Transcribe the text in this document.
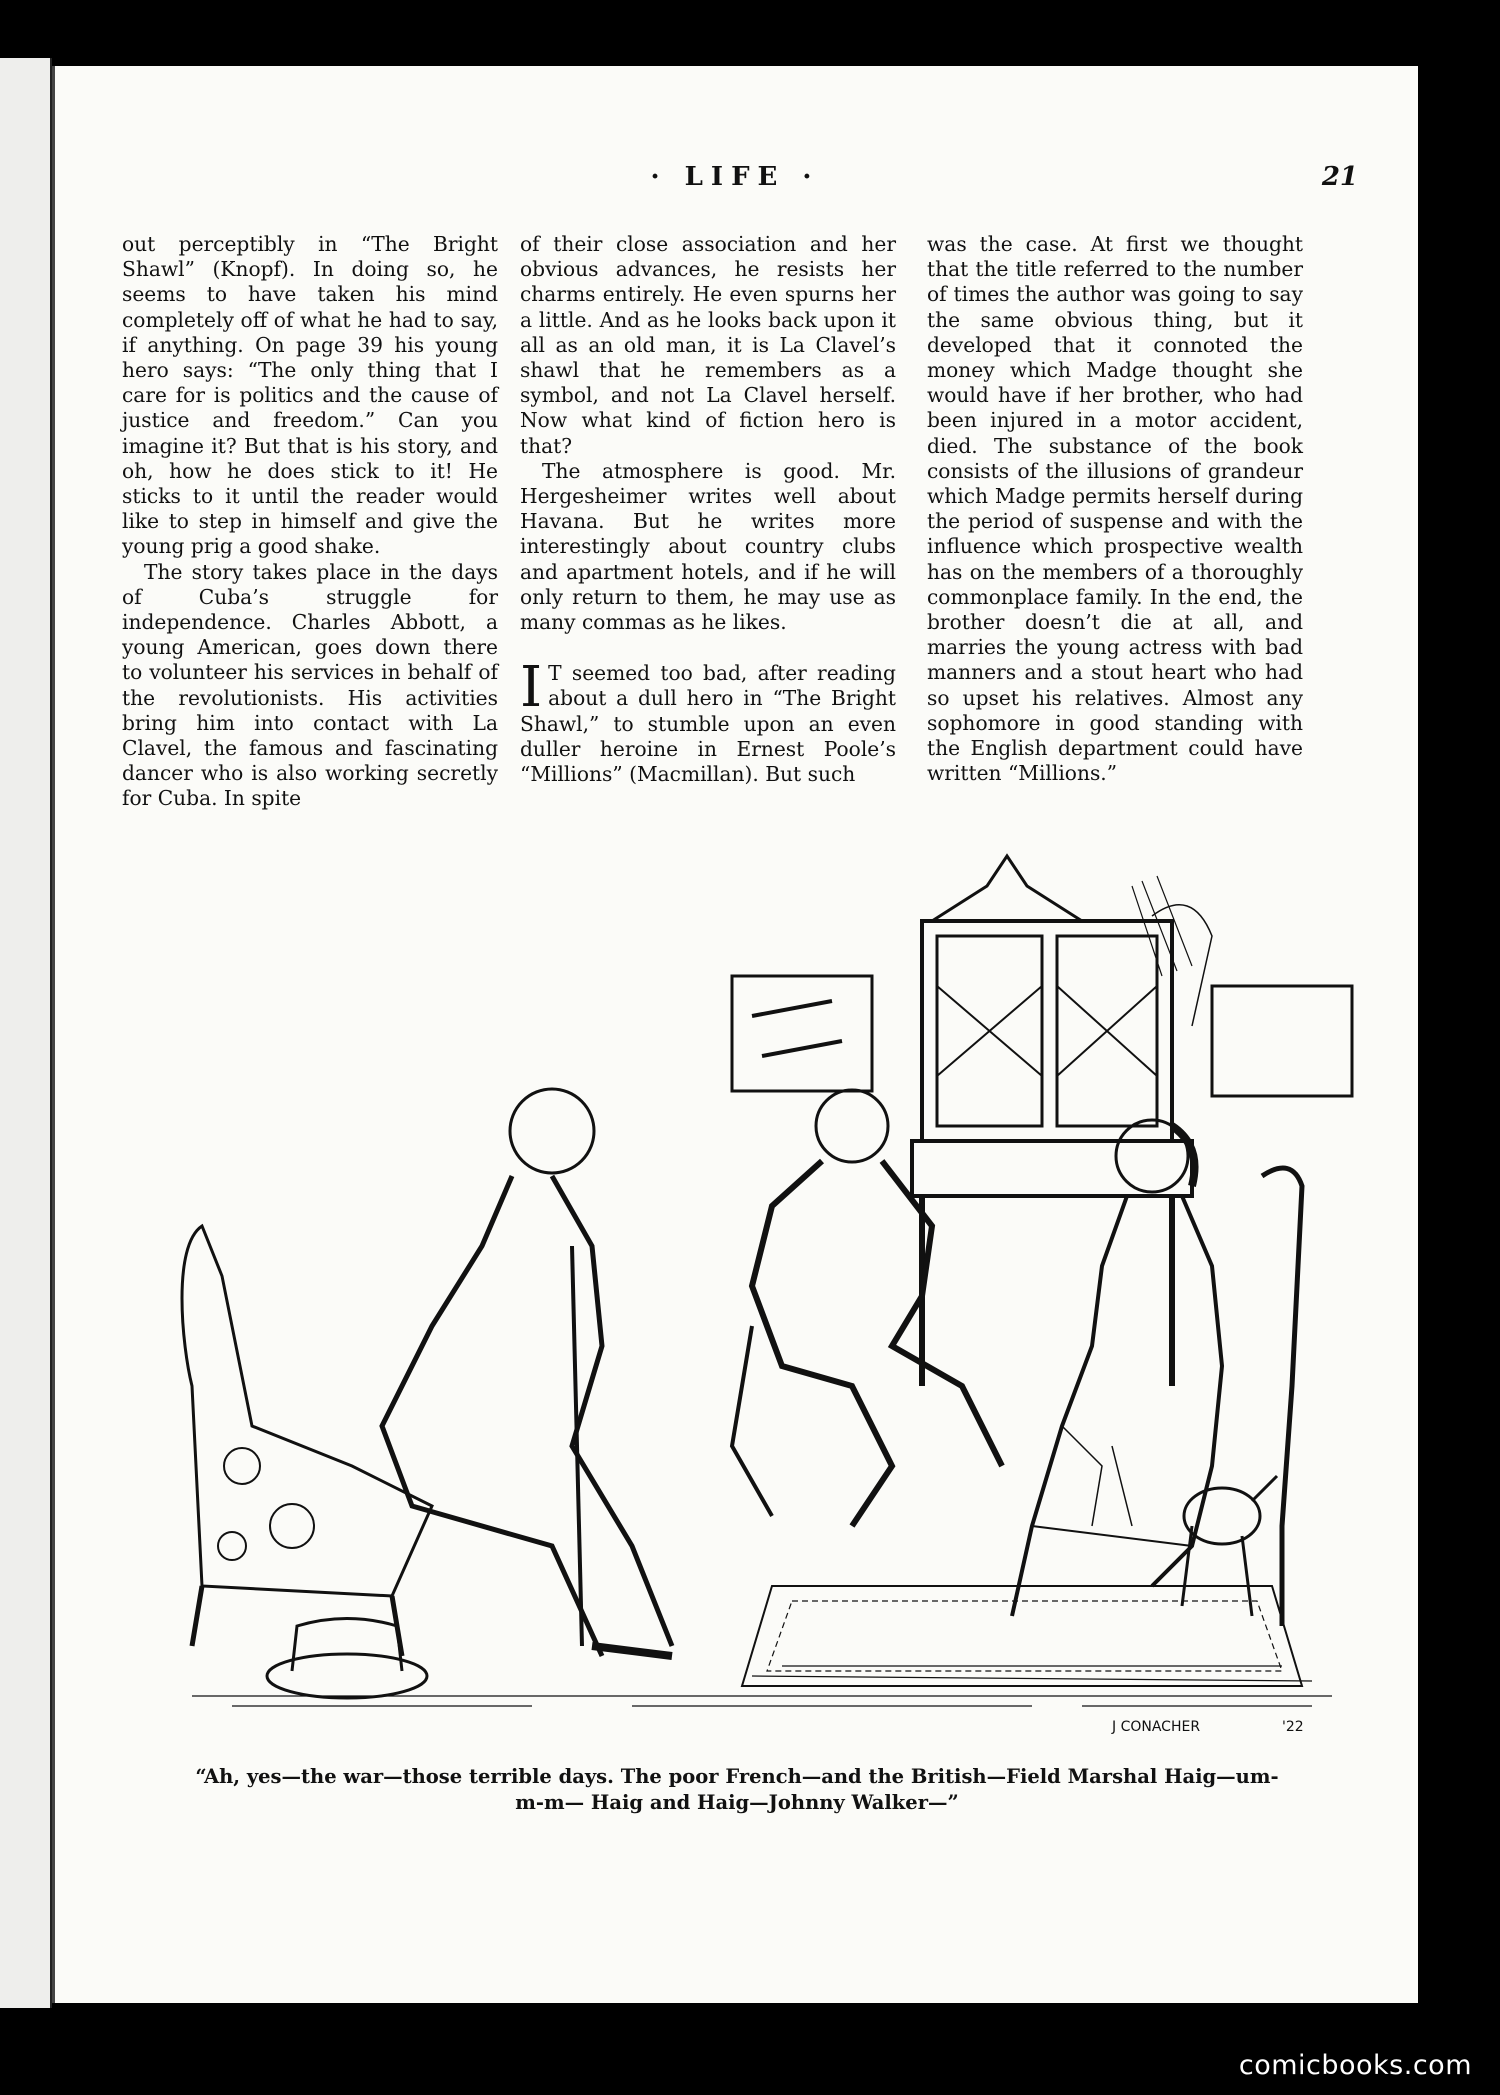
· LIFE ·	21

out perceptibly in “The Bright Shawl” (Knopf). In doing so, he seems to have taken his mind completely off of what he had to say, if anything. On page 39 his young hero says: “The only thing that I care for is politics and the cause of justice and freedom.” Can you imagine it? But that is his story, and oh, how he does stick to it! He sticks to it until the reader would like to step in himself and give the young prig a good shake.

The story takes place in the days of Cuba’s struggle for independence. Charles Abbott, a young American, goes down there to volunteer his services in behalf of the revolutionists. His activities bring him into contact with La Clavel, the famous and fascinating dancer who is also working secretly for Cuba. In spite

of their close association and her obvious advances, he resists her charms entirely. He even spurns her a little. And as he looks back upon it all as an old man, it is La Clavel’s shawl that he remembers as a symbol, and not La Clavel herself. Now what kind of fiction hero is that?

The atmosphere is good. Mr. Hergesheimer writes well about Havana. But he writes more interestingly about country clubs and apartment hotels, and if he will only return to them, he may use as many commas as he likes.

I T seemed too bad, after reading about a dull hero in “The Bright Shawl,” to stumble upon an even duller heroine in Ernest Poole’s “Millions” (Macmillan). But such

was the case. At first we thought that the title referred to the number of times the author was going to say the same obvious thing, but it developed that it connoted the money which Madge thought she would have if her brother, who had been injured in a motor accident, died. The substance of the book consists of the illusions of grandeur which Madge permits herself during the period of suspense and with the influence which prospective wealth has on the members of a thoroughly commonplace family. In the end, the brother doesn’t die at all, and marries the young actress with bad manners and a stout heart who had so upset his relatives. Almost any sophomore in good standing with the English department could have written “Millions.”

J CONACHER	'22
“Ah, yes—the war—those terrible days. The poor French—and the British—Field Marshal Haig—um-m-m— Haig and Haig—Johnny Walker—”
comicbooks.com
